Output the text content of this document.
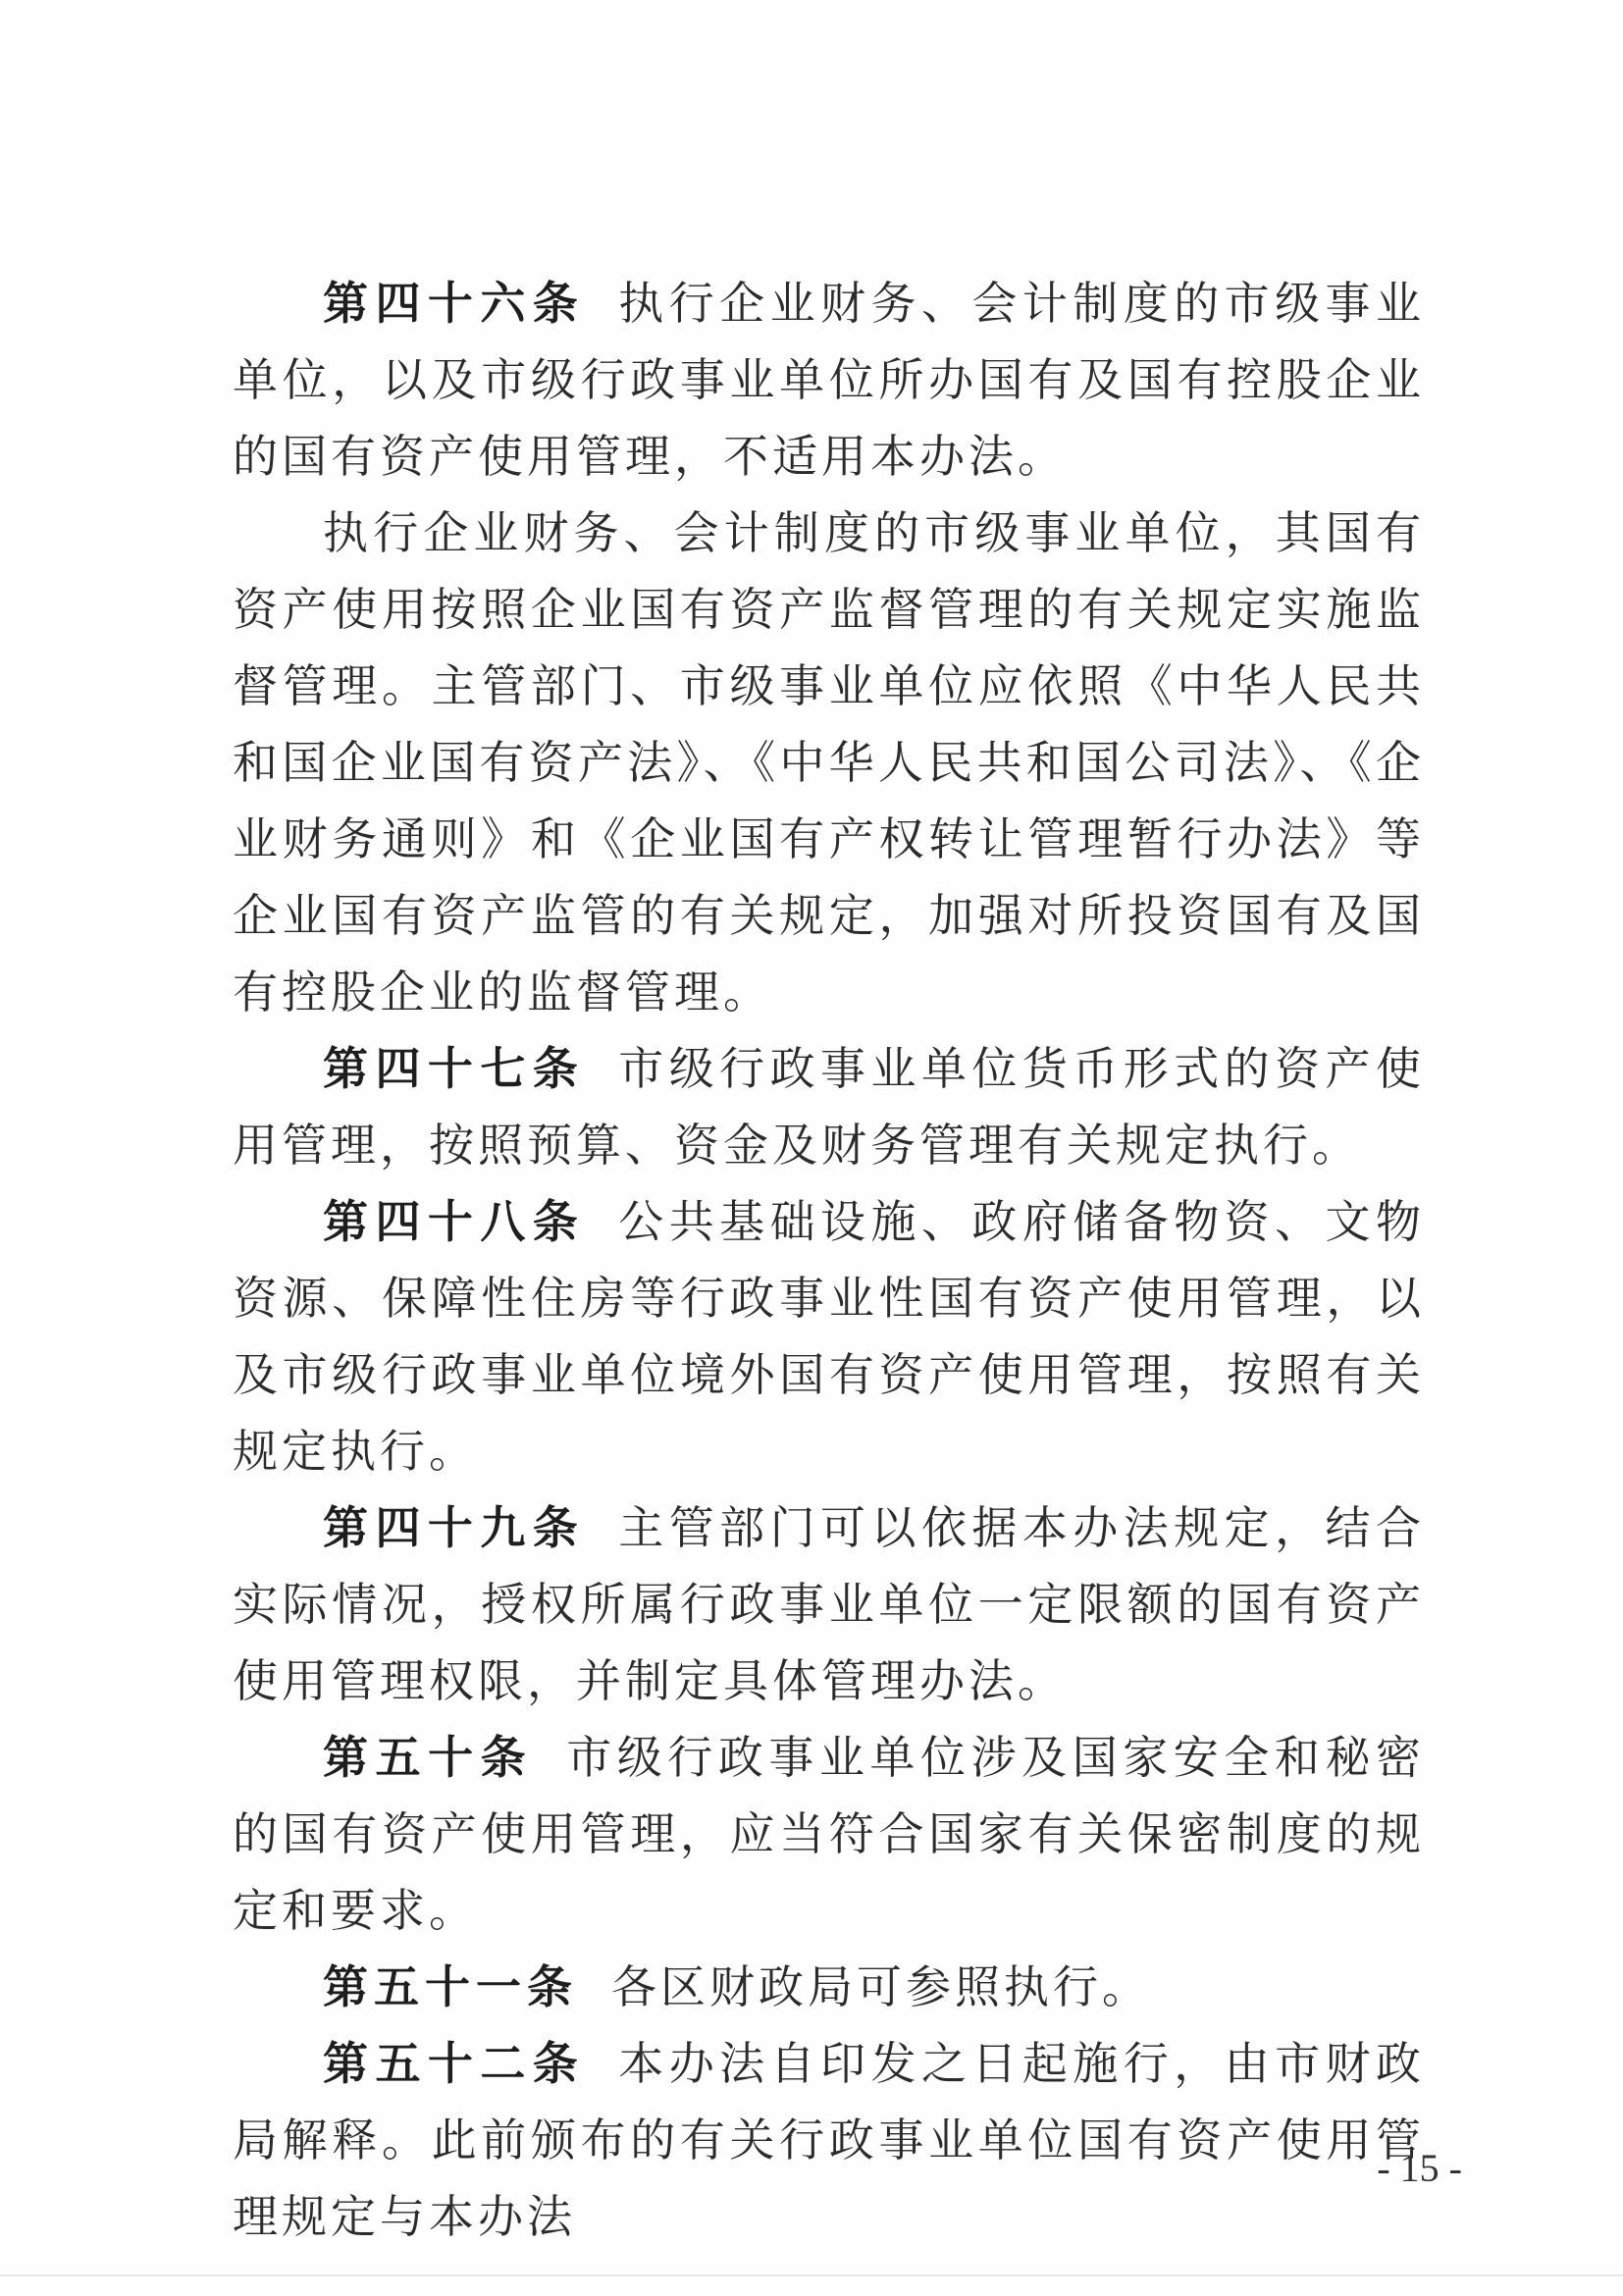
第四十六条 执行企业财务、会计制度的市级事业单位，以及市级行政事业单位所办国有及国有控股企业的国有资产使用管理，不适用本办法。

执行企业财务、会计制度的市级事业单位，其国有资产使用按照企业国有资产监督管理的有关规定实施监督管理。主管部门、市级事业单位应依照《中华人民共和国企业国有资产法》、《中华人民共和国公司法》、《企业财务通则》和《企业国有产权转让管理暂行办法》等企业国有资产监管的有关规定，加强对所投资国有及国有控股企业的监督管理。

第四十七条 市级行政事业单位货币形式的资产使用管理，按照预算、资金及财务管理有关规定执行。

第四十八条 公共基础设施、政府储备物资、文物资源、保障性住房等行政事业性国有资产使用管理，以及市级行政事业单位境外国有资产使用管理，按照有关规定执行。

第四十九条 主管部门可以依据本办法规定，结合实际情况，授权所属行政事业单位一定限额的国有资产使用管理权限，并制定具体管理办法。

第五十条 市级行政事业单位涉及国家安全和秘密的国有资产使用管理，应当符合国家有关保密制度的规定和要求。

第五十一条 各区财政局可参照执行。

第五十二条 本办法自印发之日起施行，由市财政局解释。此前颁布的有关行政事业单位国有资产使用管理规定与本办法

- 15 -
